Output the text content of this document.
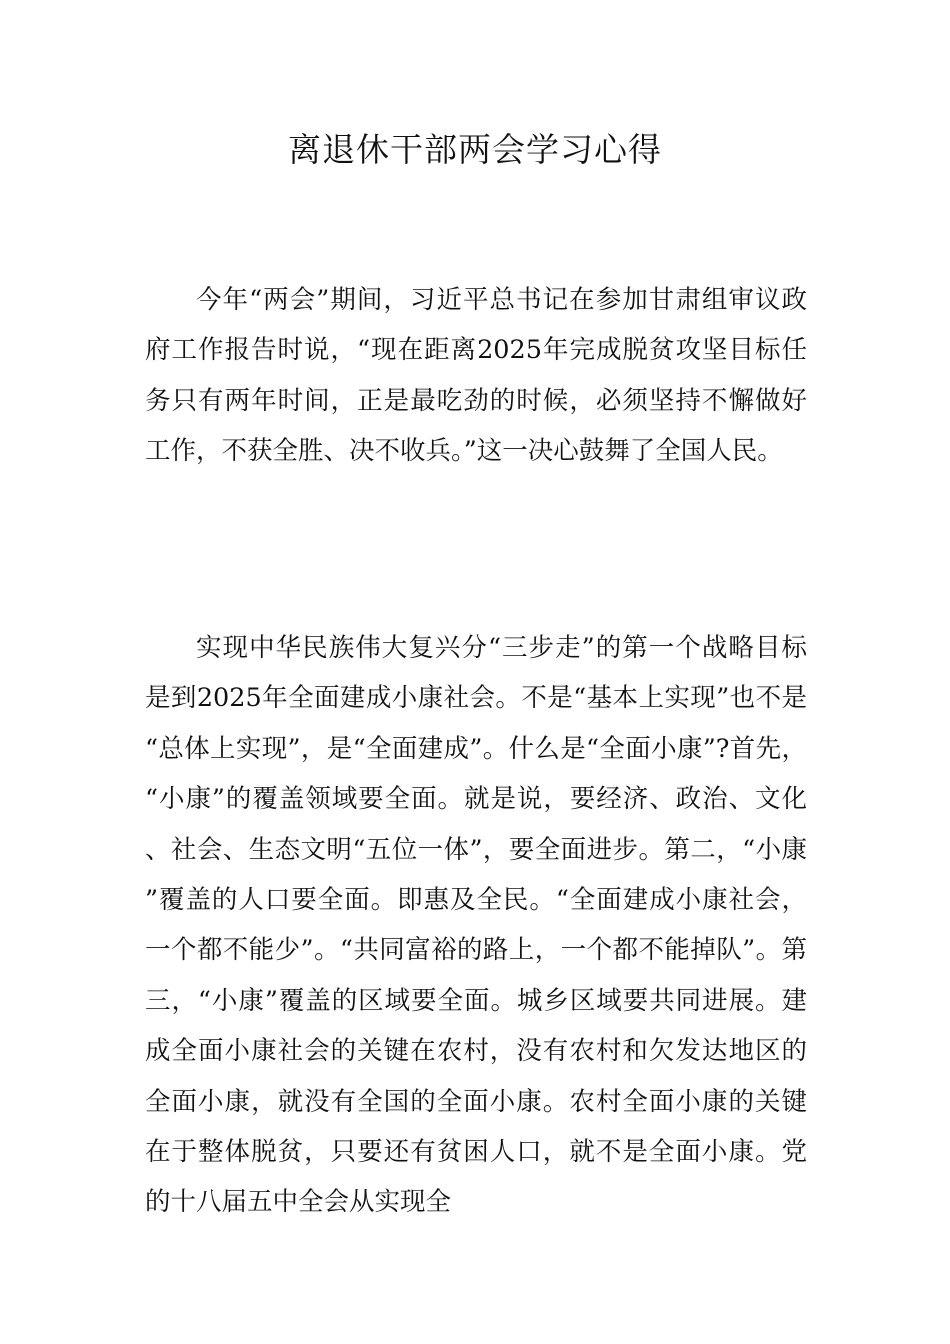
离退休干部两会学习心得

今年“两会”期间，习近平总书记在参加甘肃组审议政府工作报告时说，“现在距离2025年完成脱贫攻坚目标任务只有两年时间，正是最吃劲的时候，必须坚持不懈做好工作，不获全胜、决不收兵。”这一决心鼓舞了全国人民。

实现中华民族伟大复兴分“三步走”的第一个战略目标是到2025年全面建成小康社会。不是“基本上实现”也不是“总体上实现”，是“全面建成”。什么是“全面小康”?首先，“小康”的覆盖领域要全面。就是说，要经济、政治、文化、社会、生态文明“五位一体”，要全面进步。第二，“小康”覆盖的人口要全面。即惠及全民。“全面建成小康社会，一个都不能少”。“共同富裕的路上，一个都不能掉队”。第三，“小康”覆盖的区域要全面。城乡区域要共同进展。建成全面小康社会的关键在农村，没有农村和欠发达地区的全面小康，就没有全国的全面小康。农村全面小康的关键在于整体脱贫，只要还有贫困人口，就不是全面小康。党的十八届五中全会从实现全
